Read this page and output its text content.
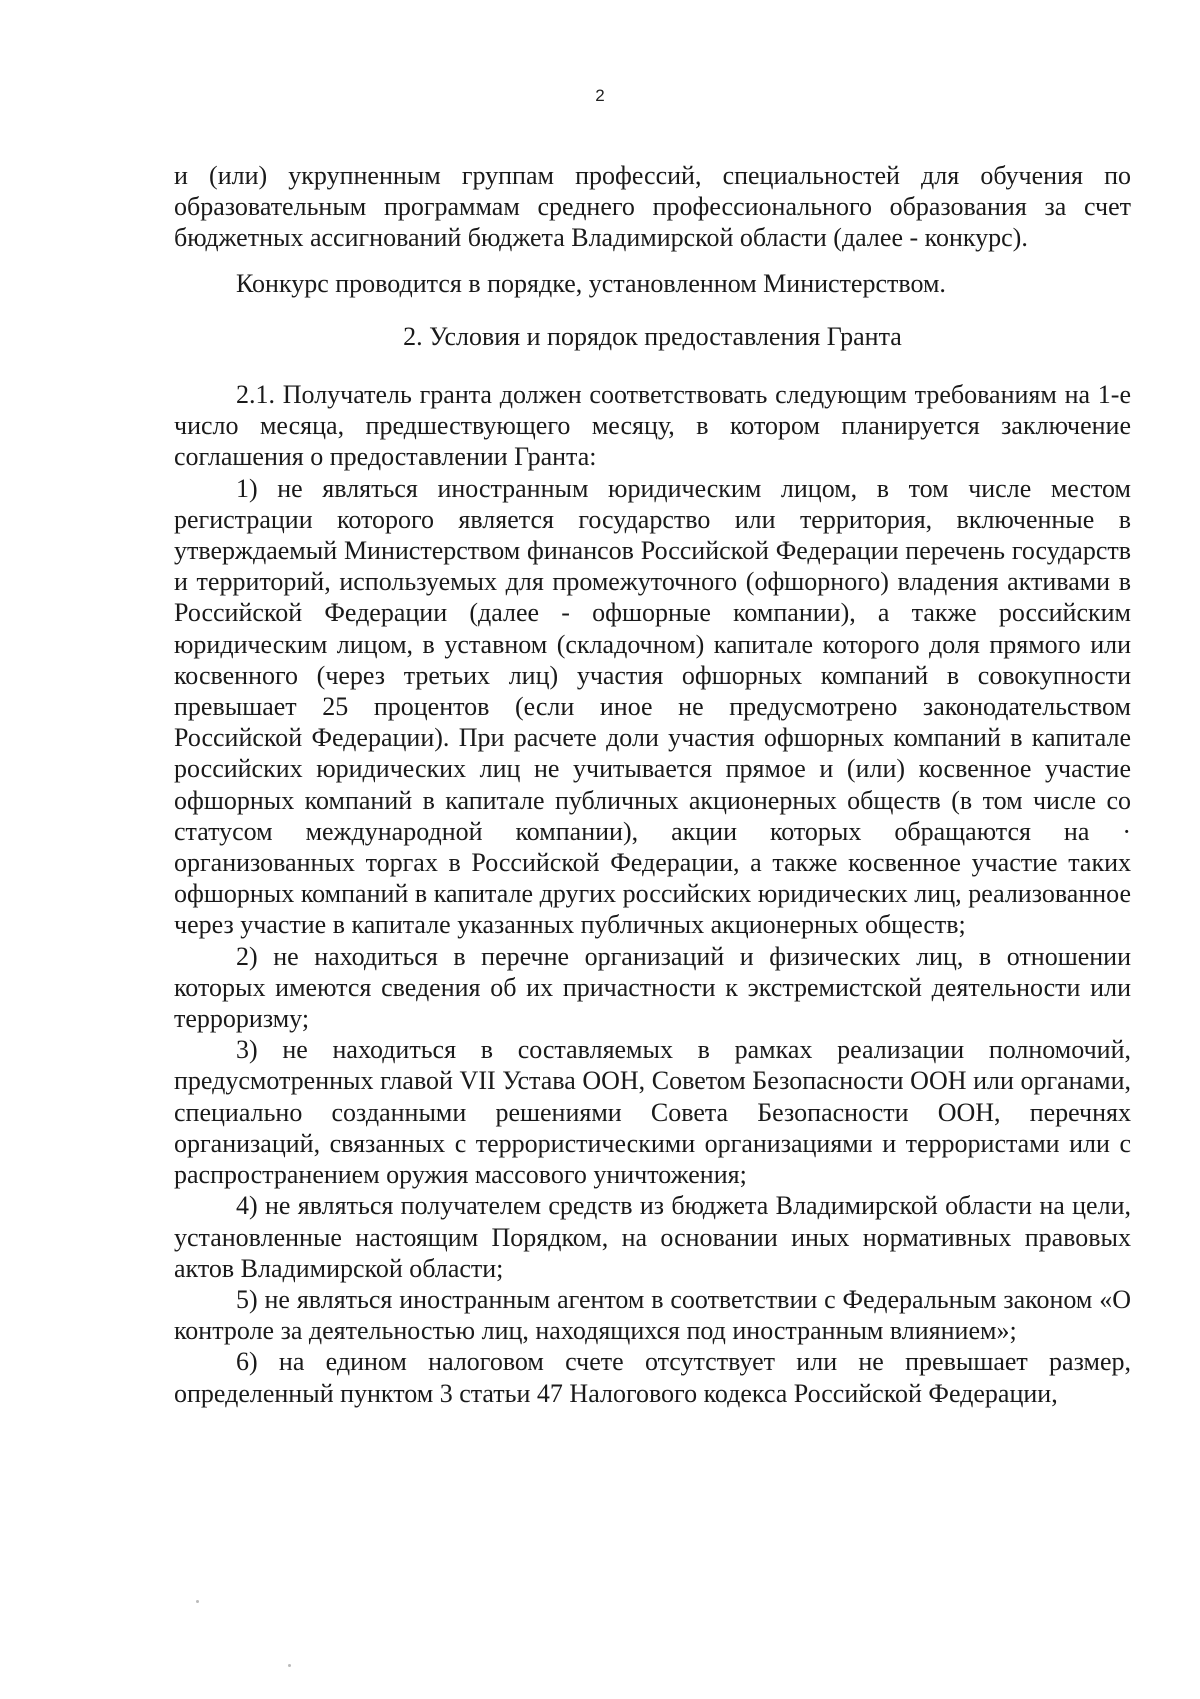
2

и (или) укрупненным группам профессий, специальностей для обучения по образовательным программам среднего профессионального образования за счет бюджетных ассигнований бюджета Владимирской области (далее - конкурс).

Конкурс проводится в порядке, установленном Министерством.

2. Условия и порядок предоставления Гранта

2.1. Получатель гранта должен соответствовать следующим требованиям на 1-е число месяца, предшествующего месяцу, в котором планируется заключение соглашения о предоставлении Гранта:

1) не являться иностранным юридическим лицом, в том числе местом регистрации которого является государство или территория, включенные в утверждаемый Министерством финансов Российской Федерации перечень государств и территорий, используемых для промежуточного (офшорного) владения активами в Российской Федерации (далее - офшорные компании), а также российским юридическим лицом, в уставном (складочном) капитале которого доля прямого или косвенного (через третьих лиц) участия офшорных компаний в совокупности превышает 25 процентов (если иное не предусмотрено законодательством Российской Федерации). При расчете доли участия офшорных компаний в капитале российских юридических лиц не учитывается прямое и (или) косвенное участие офшорных компаний в капитале публичных акционерных обществ (в том числе со статусом международной компании), акции которых обращаются на · организованных торгах в Российской Федерации, а также косвенное участие таких офшорных компаний в капитале других российских юридических лиц, реализованное через участие в капитале указанных публичных акционерных обществ;

2) не находиться в перечне организаций и физических лиц, в отношении которых имеются сведения об их причастности к экстремистской деятельности или терроризму;

3) не находиться в составляемых в рамках реализации полномочий, предусмотренных главой VII Устава ООН, Советом Безопасности ООН или органами, специально созданными решениями Совета Безопасности ООН, перечнях организаций, связанных с террористическими организациями и террористами или с распространением оружия массового уничтожения;

4) не являться получателем средств из бюджета Владимирской области на цели, установленные настоящим Порядком, на основании иных нормативных правовых актов Владимирской области;

5) не являться иностранным агентом в соответствии с Федеральным законом «О контроле за деятельностью лиц, находящихся под иностранным влиянием»;

6) на едином налоговом счете отсутствует или не превышает размер, определенный пунктом 3 статьи 47 Налогового кодекса Российской Федерации,
